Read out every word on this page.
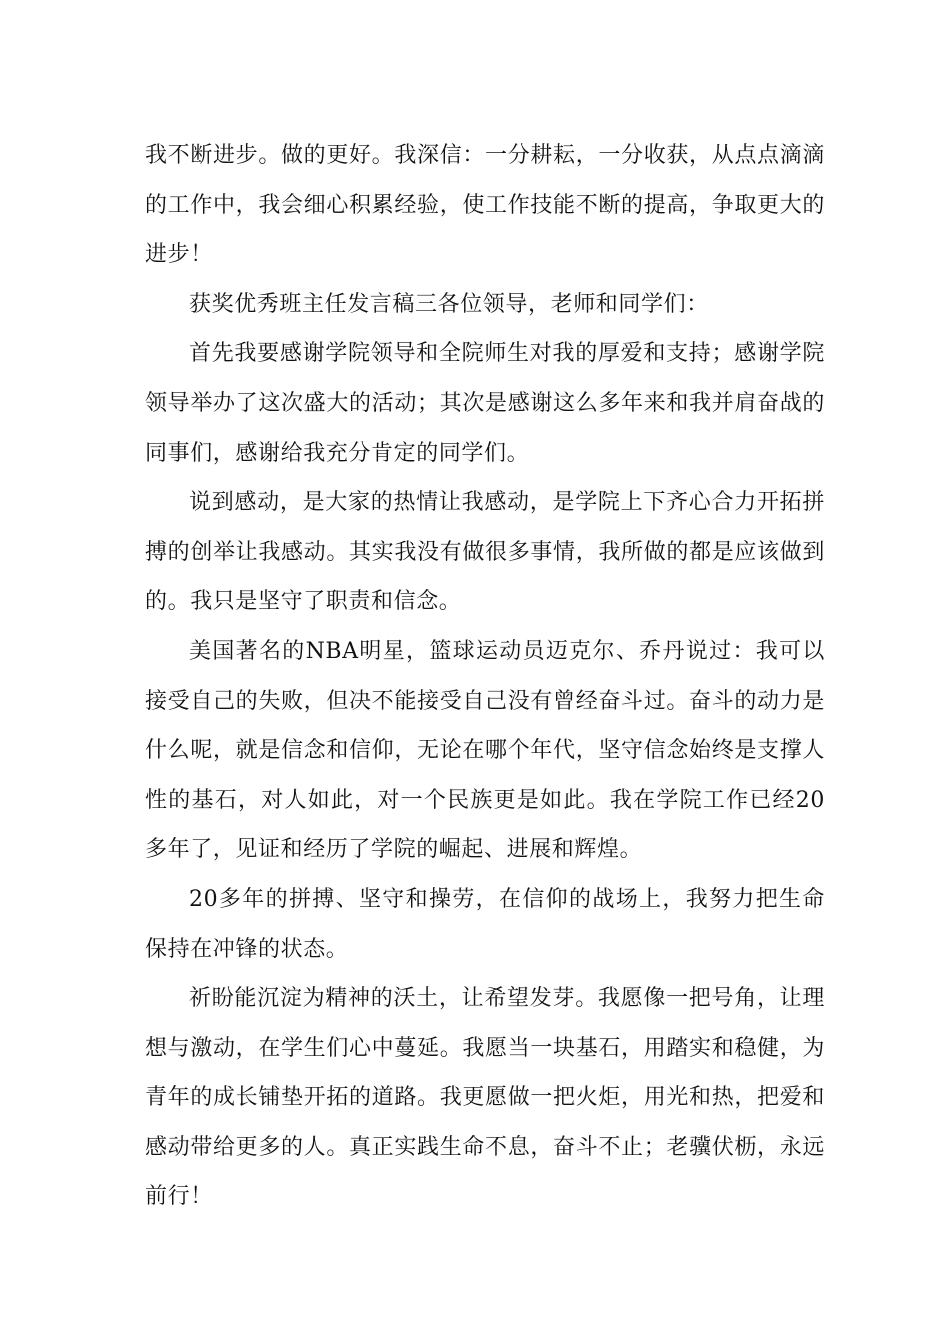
我不断进步。做的更好。我深信：一分耕耘，一分收获，从点点滴滴的工作中，我会细心积累经验，使工作技能不断的提高，争取更大的进步！

获奖优秀班主任发言稿三各位领导，老师和同学们：

首先我要感谢学院领导和全院师生对我的厚爱和支持；感谢学院领导举办了这次盛大的活动；其次是感谢这么多年来和我并肩奋战的同事们，感谢给我充分肯定的同学们。

说到感动，是大家的热情让我感动，是学院上下齐心合力开拓拼搏的创举让我感动。其实我没有做很多事情，我所做的都是应该做到的。我只是坚守了职责和信念。

美国著名的NBA明星，篮球运动员迈克尔、乔丹说过：我可以接受自己的失败，但决不能接受自己没有曾经奋斗过。奋斗的动力是什么呢，就是信念和信仰，无论在哪个年代，坚守信念始终是支撑人性的基石，对人如此，对一个民族更是如此。我在学院工作已经20多年了，见证和经历了学院的崛起、进展和辉煌。

20多年的拼搏、坚守和操劳，在信仰的战场上，我努力把生命保持在冲锋的状态。

祈盼能沉淀为精神的沃土，让希望发芽。我愿像一把号角，让理想与激动，在学生们心中蔓延。我愿当一块基石，用踏实和稳健，为青年的成长铺垫开拓的道路。我更愿做一把火炬，用光和热，把爱和感动带给更多的人。真正实践生命不息，奋斗不止；老骥伏枥，永远前行！
